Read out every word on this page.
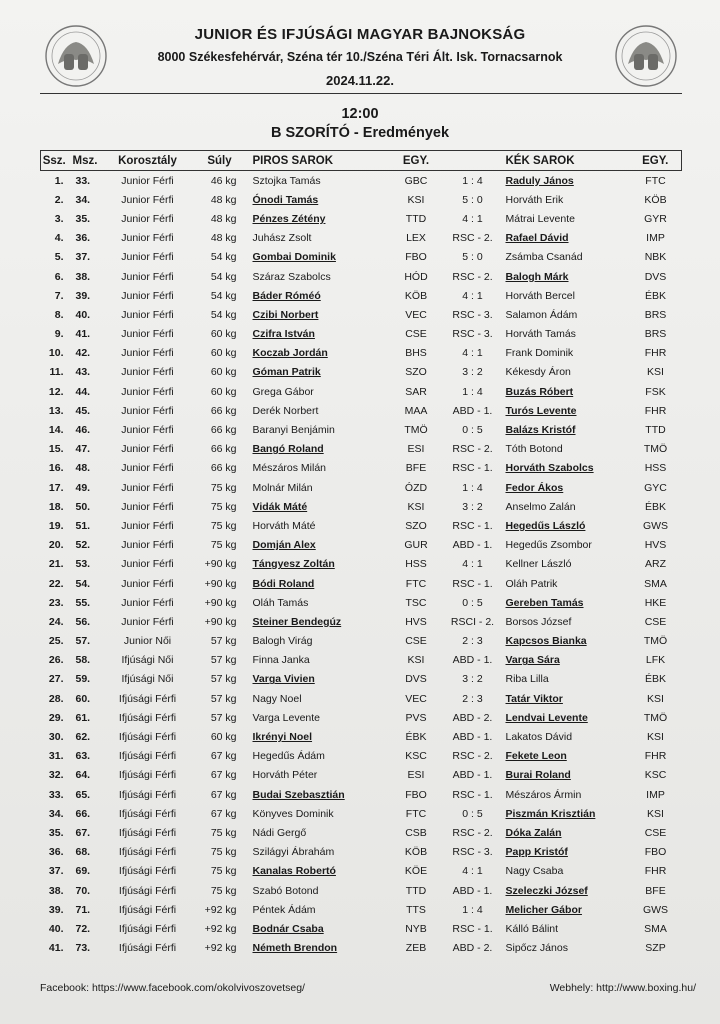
JUNIOR ÉS IFJÚSÁGI MAGYAR BAJNOKSÁG
8000 Székesfehérvár, Széna tér 10./Széna Téri Ált. Isk. Tornacsarnok
2024.11.22.
12:00
B SZORÍTÓ - Eredmények
Ssz.	Msz.	Korosztály	Súly	PIROS SAROK	EGY.		KÉK SAROK	EGY.
1.	33.	Junior Férfi	46 kg	Sztojka Tamás	GBC	1 : 4	Raduly János	FTC
2.	34.	Junior Férfi	48 kg	Ónodi Tamás	KSI	5 : 0	Horváth Erik	KÖB
3.	35.	Junior Férfi	48 kg	Pénzes Zétény	TTD	4 : 1	Mátrai Levente	GYR
4.	36.	Junior Férfi	48 kg	Juhász Zsolt	LEX	RSC - 2.	Rafael Dávid	IMP
5.	37.	Junior Férfi	54 kg	Gombai Dominik	FBO	5 : 0	Zsámba Csanád	NBK
6.	38.	Junior Férfi	54 kg	Száraz Szabolcs	HÓD	RSC - 2.	Balogh Márk	DVS
7.	39.	Junior Férfi	54 kg	Báder Róméó	KÖB	4 : 1	Horváth Bercel	ÉBK
8.	40.	Junior Férfi	54 kg	Czibi Norbert	VEC	RSC - 3.	Salamon Ádám	BRS
9.	41.	Junior Férfi	60 kg	Czifra István	CSE	RSC - 3.	Horváth Tamás	BRS
10.	42.	Junior Férfi	60 kg	Koczab Jordán	BHS	4 : 1	Frank Dominik	FHR
11.	43.	Junior Férfi	60 kg	Góman Patrik	SZO	3 : 2	Kékesdy Áron	KSI
12.	44.	Junior Férfi	60 kg	Grega Gábor	SAR	1 : 4	Buzás Róbert	FSK
13.	45.	Junior Férfi	66 kg	Derék Norbert	MAA	ABD - 1.	Turós Levente	FHR
14.	46.	Junior Férfi	66 kg	Baranyi Benjámin	TMÖ	0 : 5	Balázs Kristóf	TTD
15.	47.	Junior Férfi	66 kg	Bangó Roland	ESI	RSC - 2.	Tóth Botond	TMÖ
16.	48.	Junior Férfi	66 kg	Mészáros Milán	BFE	RSC - 1.	Horváth Szabolcs	HSS
17.	49.	Junior Férfi	75 kg	Molnár Milán	ÓZD	1 : 4	Fedor Ákos	GYC
18.	50.	Junior Férfi	75 kg	Vidák Máté	KSI	3 : 2	Anselmo Zalán	ÉBK
19.	51.	Junior Férfi	75 kg	Horváth Máté	SZO	RSC - 1.	Hegedűs László	GWS
20.	52.	Junior Férfi	75 kg	Domján Alex	GUR	ABD - 1.	Hegedűs Zsombor	HVS
21.	53.	Junior Férfi	+90 kg	Tángyesz Zoltán	HSS	4 : 1	Kellner László	ARZ
22.	54.	Junior Férfi	+90 kg	Bódi Roland	FTC	RSC - 1.	Oláh Patrik	SMA
23.	55.	Junior Férfi	+90 kg	Oláh Tamás	TSC	0 : 5	Gereben Tamás	HKE
24.	56.	Junior Férfi	+90 kg	Steiner Bendegúz	HVS	RSCI - 2.	Borsos József	CSE
25.	57.	Junior Női	57 kg	Balogh Virág	CSE	2 : 3	Kapcsos Bianka	TMÖ
26.	58.	Ifjúsági Női	57 kg	Finna Janka	KSI	ABD - 1.	Varga Sára	LFK
27.	59.	Ifjúsági Női	57 kg	Varga Vivien	DVS	3 : 2	Riba Lilla	ÉBK
28.	60.	Ifjúsági Férfi	57 kg	Nagy Noel	VEC	2 : 3	Tatár Viktor	KSI
29.	61.	Ifjúsági Férfi	57 kg	Varga Levente	PVS	ABD - 2.	Lendvai Levente	TMÖ
30.	62.	Ifjúsági Férfi	60 kg	Ikrényi Noel	ÉBK	ABD - 1.	Lakatos Dávid	KSI
31.	63.	Ifjúsági Férfi	67 kg	Hegedűs Ádám	KSC	RSC - 2.	Fekete Leon	FHR
32.	64.	Ifjúsági Férfi	67 kg	Horváth Péter	ESI	ABD - 1.	Burai Roland	KSC
33.	65.	Ifjúsági Férfi	67 kg	Budai Szebasztián	FBO	RSC - 1.	Mészáros Ármin	IMP
34.	66.	Ifjúsági Férfi	67 kg	Könyves Dominik	FTC	0 : 5	Piszmán Krisztián	KSI
35.	67.	Ifjúsági Férfi	75 kg	Nádi Gergő	CSB	RSC - 2.	Dóka Zalán	CSE
36.	68.	Ifjúsági Férfi	75 kg	Szilágyi Ábrahám	KÖB	RSC - 3.	Papp Kristóf	FBO
37.	69.	Ifjúsági Férfi	75 kg	Kanalas Robertó	KÖE	4 : 1	Nagy Csaba	FHR
38.	70.	Ifjúsági Férfi	75 kg	Szabó Botond	TTD	ABD - 1.	Szeleczki József	BFE
39.	71.	Ifjúsági Férfi	+92 kg	Péntek Ádám	TTS	1 : 4	Melicher Gábor	GWS
40.	72.	Ifjúsági Férfi	+92 kg	Bodnár Csaba	NYB	RSC - 1.	Kálló Bálint	SMA
41.	73.	Ifjúsági Férfi	+92 kg	Németh Brendon	ZEB	ABD - 2.	Sipőcz János	SZP
Facebook: https://www.facebook.com/okolvivoszovetseg/	Webhely: http://www.boxing.hu/
